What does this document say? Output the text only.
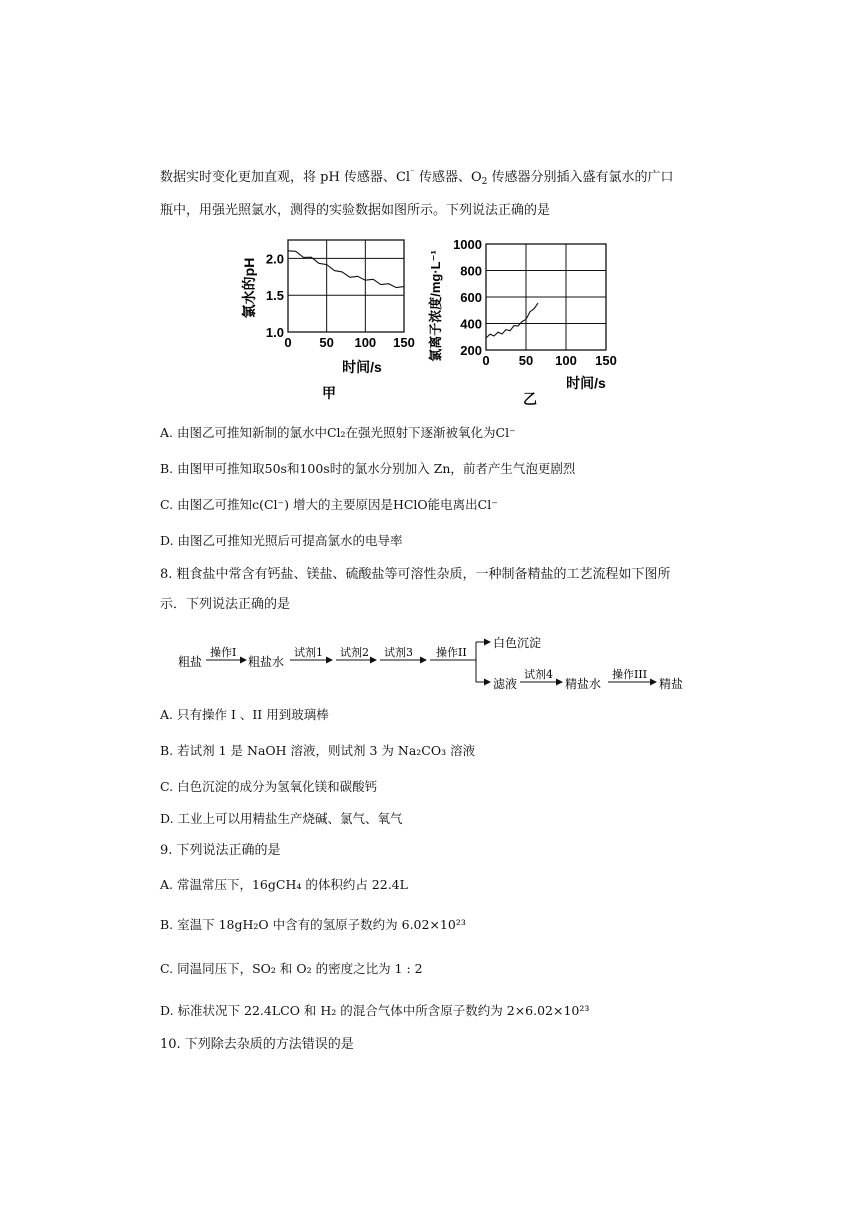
数据实时变化更加直观，将 pH 传感器、Cl⁻ 传感器、$O_2$ 传感器分别插入盛有氯水的广口
瓶中，用强光照氯水，测得的实验数据如图所示。下列说法正确的是
氯水的pH 2.0
1.5
1.0
0 50 100 150
时间/s
甲
氯离子浓度/mg·L⁻¹
1000
800
600
400
200
0 50 100 150
时间/s
乙
A. 由图乙可推知新制的氯水中Cl₂在强光照射下逐渐被氧化为Cl⁻
B. 由图甲可推知取50s和100s时的氯水分别加入 Zn，前者产生气泡更剧烈
C. 由图乙可推知c(Cl⁻) 增大的主要原因是HClO能电离出Cl⁻
D. 由图乙可推知光照后可提高氯水的电导率
8. 粗食盐中常含有钙盐、镁盐、硫酸盐等可溶性杂质，一种制备精盐的工艺流程如下图所
示．下列说法正确的是
粗盐
操作I
粗盐水
试剂1 试剂2 试剂3 操作II
白色沉淀
滤液
试剂4
精盐水
操作III
精盐
A. 只有操作 I 、II 用到玻璃棒
B. 若试剂 1 是 NaOH 溶液，则试剂 3 为 Na₂CO₃ 溶液
C. 白色沉淀的成分为氢氧化镁和碳酸钙
D. 工业上可以用精盐生产烧碱、氯气、氧气
9. 下列说法正确的是
A. 常温常压下，16gCH₄ 的体积约占 22.4L
B. 室温下 18gH₂O 中含有的氢原子数约为 6.02×10²³
C. 同温同压下，SO₂ 和 O₂ 的密度之比为 1 : 2
D. 标准状况下 22.4LCO 和 H₂ 的混合气体中所含原子数约为 2×6.02×10²³
10. 下列除去杂质的方法错误的是
